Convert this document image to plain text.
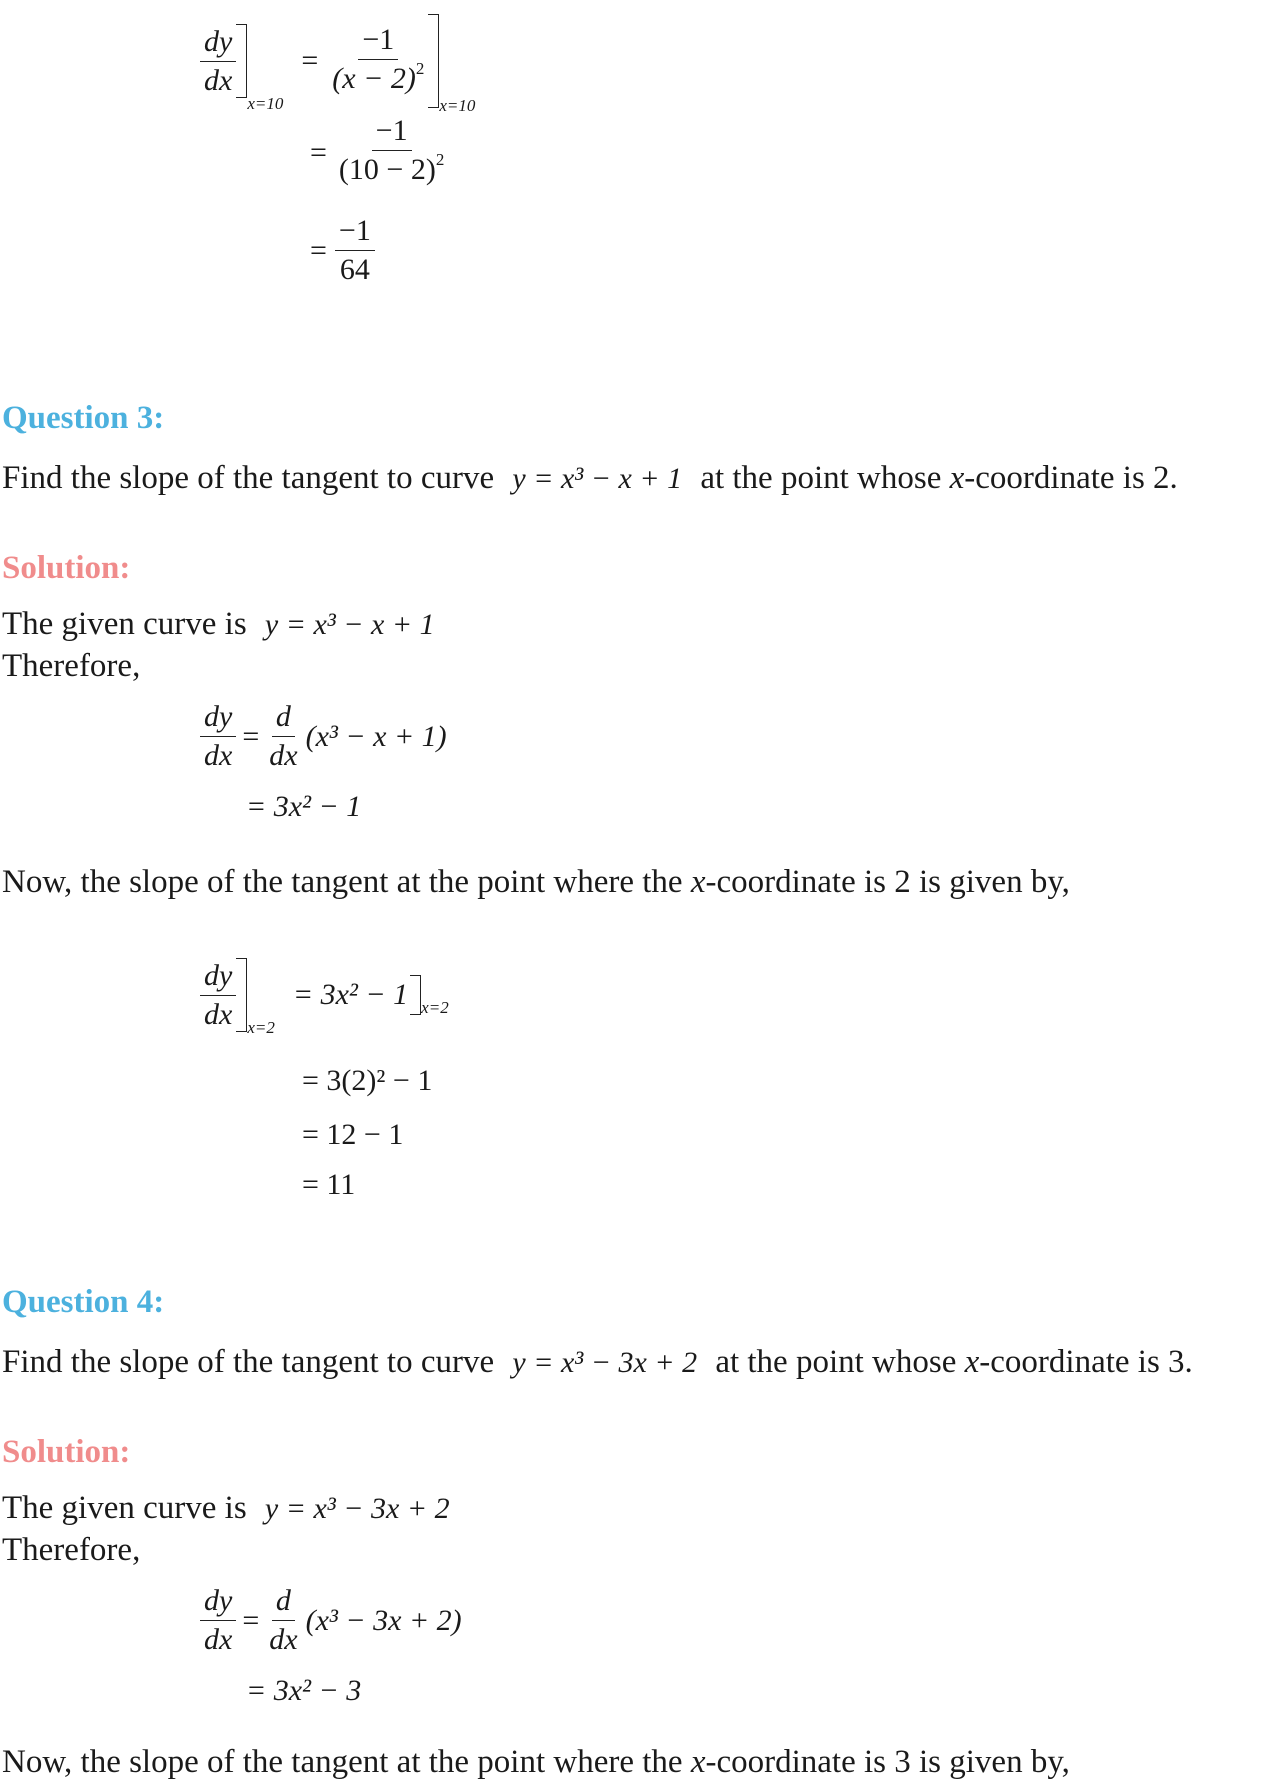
$\frac{dy}{dx}$
x=10
= $\frac{-1}{(x - 2)^2}$
x=10
= $\frac{-1}{(10 - 2)^2}$
= $\frac{-1}{64}$
Question 3:
Find the slope of the tangent to curve y = x³ − x + 1 at the point whose x-coordinate is 2.
Solution:
The given curve is y = x³ − x + 1
Therefore,
$\frac{dy}{dx} = \frac{d}{dx} (x^3 - x + 1)$
= 3x² − 1
Now, the slope of the tangent at the point where the x-coordinate is 2 is given by,
$\frac{dy}{dx} x=2$
= 3x² − 1 x=2
= 3(2)² − 1
= 12 − 1
= 11
Question 4:
Find the slope of the tangent to curve y = x³ − 3x + 2 at the point whose x-coordinate is 3.
Solution:
The given curve is y = x³ − 3x + 2
Therefore,
$\frac{dy}{dx} = \frac{d}{dx} (x^3 - 3x + 2)$
= 3x² − 3
Now, the slope of the tangent at the point where the x-coordinate is 3 is given by,
